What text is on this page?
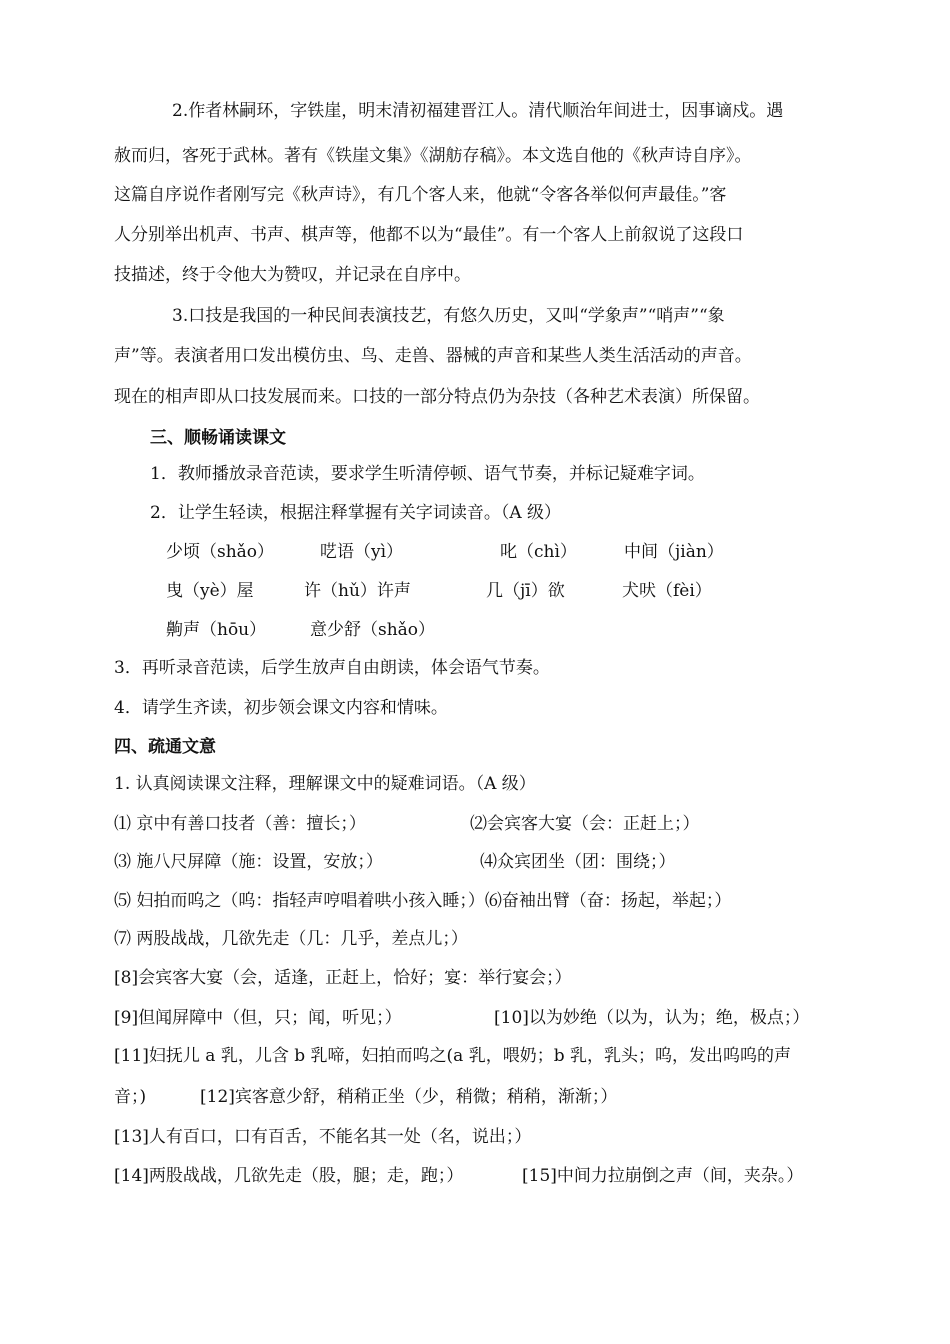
2.作者林嗣环，字铁崖，明末清初福建晋江人。清代顺治年间进士，因事谪戍。遇
赦而归，客死于武林。著有《铁崖文集》《湖舫存稿》。本文选自他的《秋声诗自序》。
这篇自序说作者刚写完《秋声诗》，有几个客人来，他就“令客各举似何声最佳。”客
人分别举出机声、书声、棋声等，他都不以为“最佳”。有一个客人上前叙说了这段口
技描述，终于令他大为赞叹，并记录在自序中。
3.口技是我国的一种民间表演技艺，有悠久历史，又叫“学象声”“哨声”“象
声”等。表演者用口发出模仿虫、鸟、走兽、器械的声音和某些人类生活活动的声音。
现在的相声即从口技发展而来。口技的一部分特点仍为杂技（各种艺术表演）所保留。
三、顺畅诵读课文
1．教师播放录音范读，要求学生听清停顿、语气节奏，并标记疑难字词。
2．让学生轻读，根据注释掌握有关字词读音。（A 级）
少顷（shǎo）	呓语（yì）	叱（chì）	中间（jiàn）
曳（yè）屋	许（hǔ）许声	几（jī）欲	犬吠（fèi）
齁声（hōu）	意少舒（shǎo）
3．再听录音范读，后学生放声自由朗读，体会语气节奏。
4．请学生齐读，初步领会课文内容和情味。
四、疏通文意
1. 认真阅读课文注释，理解课文中的疑难词语。（A 级）
⑴ 京中有善口技者（善：擅长；）	⑵会宾客大宴（会：正赶上；）
⑶ 施八尺屏障（施：设置，安放；）	⑷众宾团坐（团：围绕；）
⑸ 妇拍而呜之（呜：指轻声哼唱着哄小孩入睡；）⑹奋袖出臂（奋：扬起，举起；）
⑺ 两股战战，几欲先走（几：几乎，差点儿；）
[8]会宾客大宴（会，适逢，正赶上，恰好；宴：举行宴会；）
[9]但闻屏障中（但，只；闻，听见；）	[10]以为妙绝（以为，认为；绝，极点；）
[11]妇抚儿 a 乳，儿含 b 乳啼，妇拍而呜之(a 乳，喂奶；b 乳，乳头；呜，发出呜呜的声
音；)	[12]宾客意少舒，稍稍正坐（少，稍微；稍稍，渐渐；）
[13]人有百口，口有百舌，不能名其一处（名，说出；）
[14]两股战战，几欲先走（股，腿；走，跑；）	[15]中间力拉崩倒之声（间，夹杂。）
